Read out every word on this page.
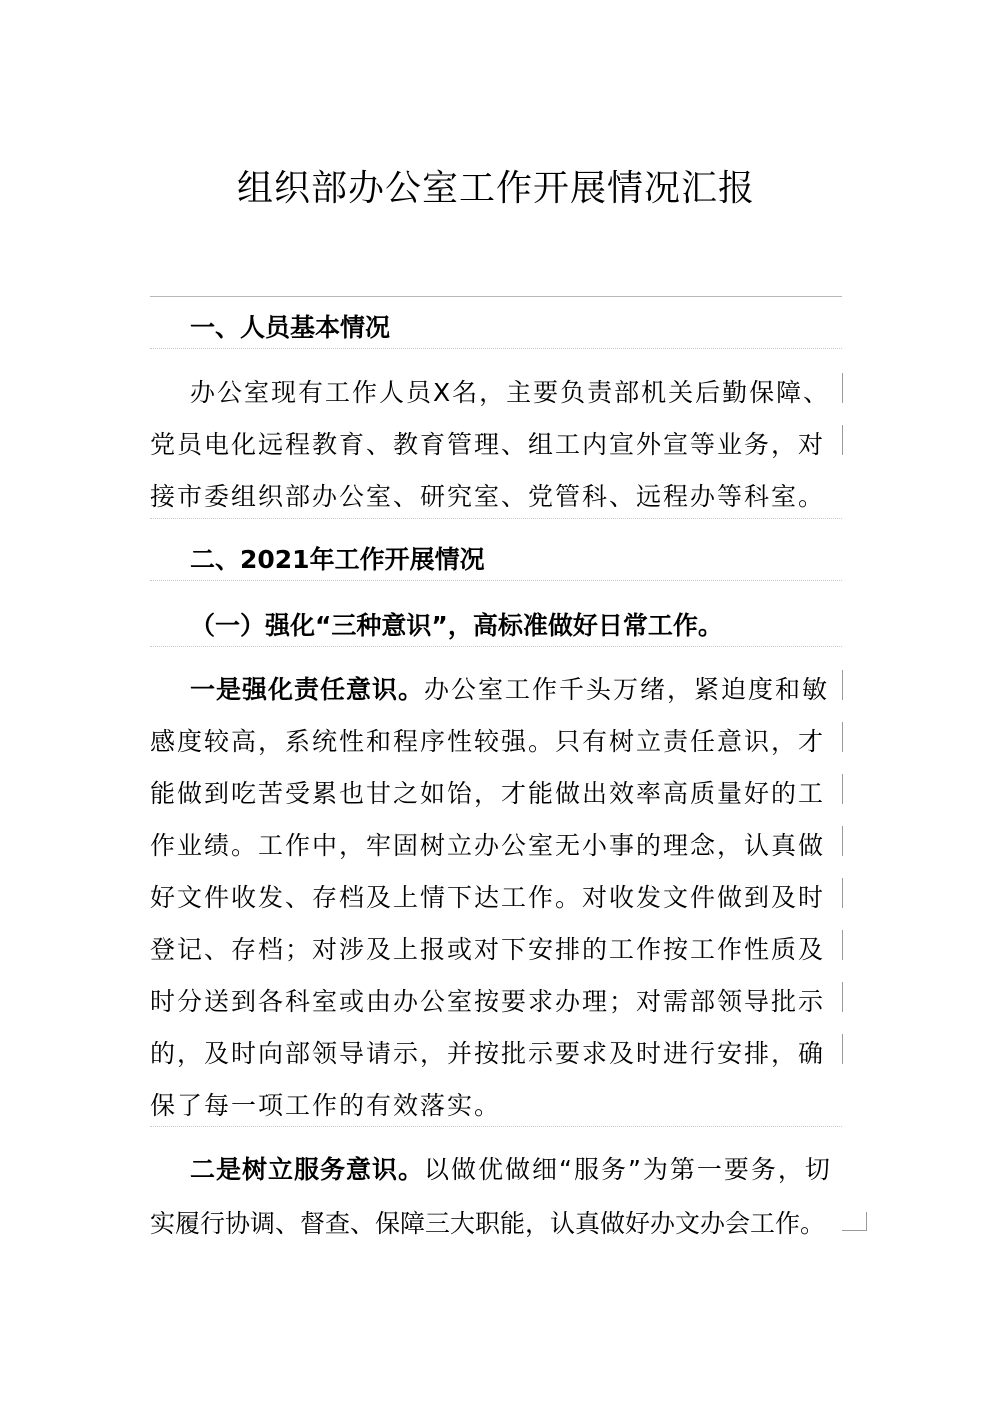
组织部办公室工作开展情况汇报
一、人员基本情况
办公室现有工作人员X名，主要负责部机关后勤保障、
党员电化远程教育、教育管理、组工内宣外宣等业务，对
接市委组织部办公室、研究室、党管科、远程办等科室。
二、2021年工作开展情况
（一）强化“三种意识”，高标准做好日常工作。
一是强化责任意识。办公室工作千头万绪，紧迫度和敏
感度较高，系统性和程序性较强。只有树立责任意识，才
能做到吃苦受累也甘之如饴，才能做出效率高质量好的工
作业绩。工作中，牢固树立办公室无小事的理念，认真做
好文件收发、存档及上情下达工作。对收发文件做到及时
登记、存档；对涉及上报或对下安排的工作按工作性质及
时分送到各科室或由办公室按要求办理；对需部领导批示
的，及时向部领导请示，并按批示要求及时进行安排，确
保了每一项工作的有效落实。
二是树立服务意识。以做优做细“服务”为第一要务，切
实履行协调、督查、保障三大职能，认真做好办文办会工作。
